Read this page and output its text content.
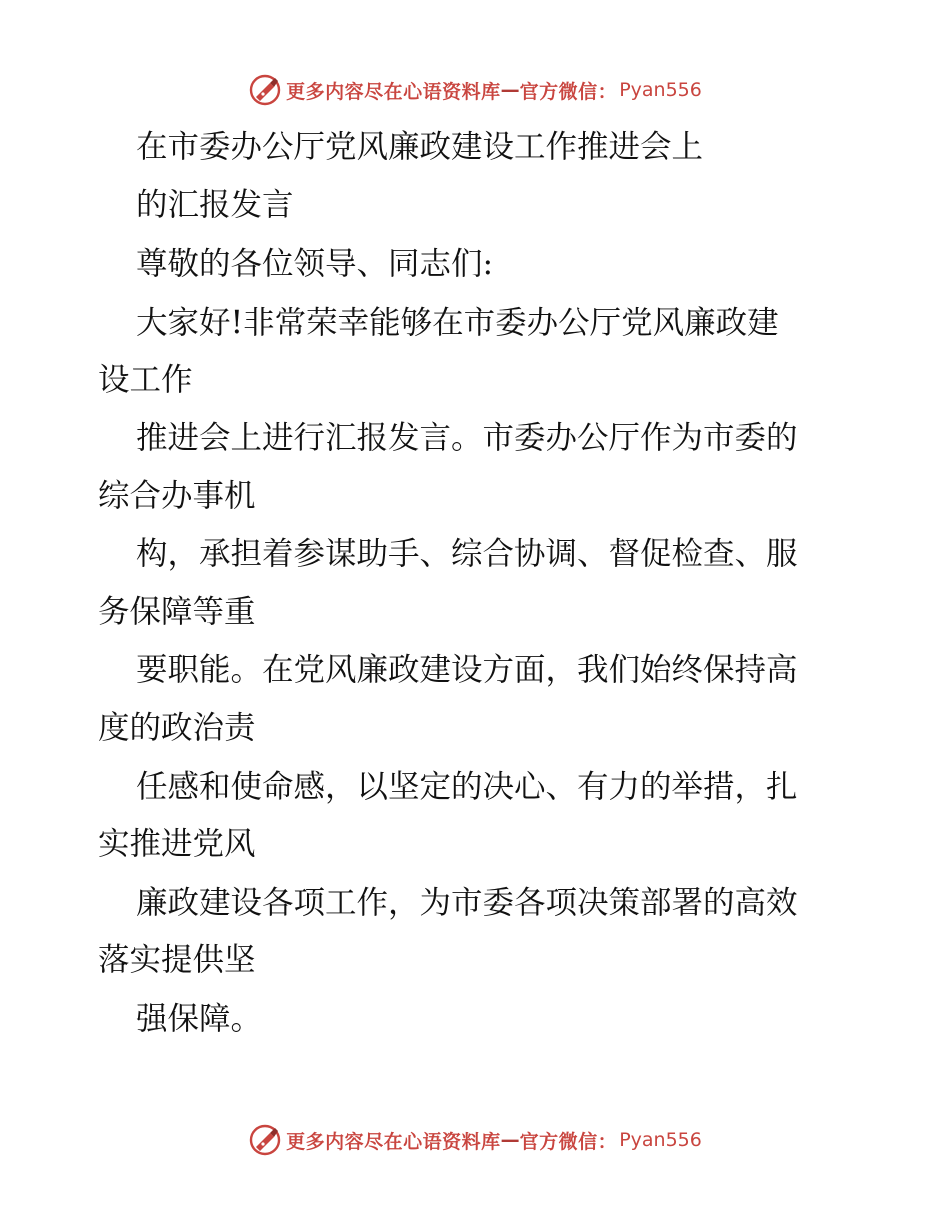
更多内容尽在心语资料库 — 官方微信： Pyan556
在市委办公厅党风廉政建设工作推进会上
的汇报发言
尊敬的各位领导、同志们:
大家好!非常荣幸能够在市委办公厅党风廉政建
设工作
推进会上进行汇报发言。市委办公厅作为市委的
综合办事机
构，承担着参谋助手、综合协调、督促检查、服
务保障等重
要职能。在党风廉政建设方面，我们始终保持高
度的政治责
任感和使命感，以坚定的决心、有力的举措，扎
实推进党风
廉政建设各项工作，为市委各项决策部署的高效
落实提供坚
强保障。
更多内容尽在心语资料库 — 官方微信： Pyan556
